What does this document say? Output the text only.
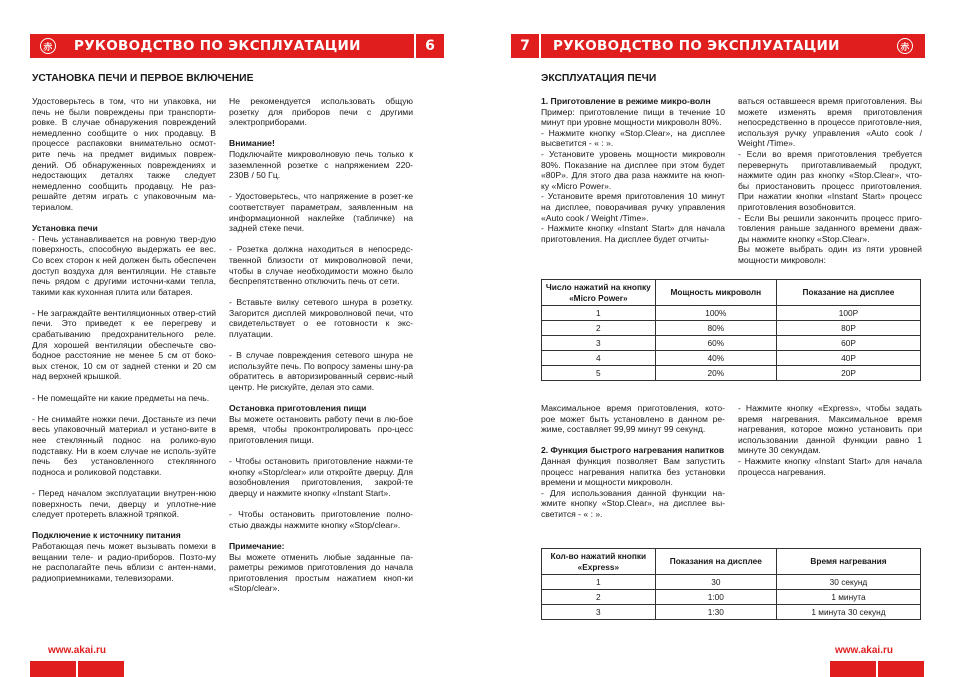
赤 РУКОВОДСТВО ПО ЭКСПЛУАТАЦИИ	6	7	РУКОВОДСТВО ПО ЭКСПЛУАТАЦИИ	赤
УСТАНОВКА ПЕЧИ И ПЕРВОЕ ВКЛЮЧЕНИЕ

Удостоверьтесь в том, что ни упаковка, ни печь не были повреждены при транспорти-ровке. В случае обнаружения повреждений немедленно сообщите о них продавцу. В процессе распаковки внимательно осмот-рите печь на предмет видимых повреж-дений. Об обнаруженных повреждениях и недостающих деталях также следует немедленно сообщить продавцу. Не раз-решайте детям играть с упаковочным ма-териалом.

Установка печи

- Печь устанавливается на ровную твер-дую поверхность, способную выдержать ее вес. Со всех сторон к ней должен быть обеспечен доступ воздуха для вентиляции. Не ставьте печь рядом с другими источни-ками тепла, такими как кухонная плита или батарея.

- Не заграждайте вентиляционных отвер-стий печи. Это приведет к ее перегреву и срабатыванию предохранительного реле. Для хорошей вентиляции обеспечьте сво-бодное расстояние не менее 5 см от боко-вых стенок, 10 см от задней стенки и 20 см над верхней крышкой.

- Не помещайте ни какие предметы на печь.

- Не снимайте ножки печи. Достаньте из печи весь упаковочный материал и устано-вите в нее стеклянный поднос на ролико-вую подставку. Ни в коем случае не исполь-зуйте печь без установленного стеклянного подноса и роликовой подставки.

- Перед началом эксплуатации внутрен-нюю поверхность печи, дверцу и уплотне-ние следует протереть влажной тряпкой.

Подключение к источнику питания

Работающая печь может вызывать помехи в вещании теле- и радио-приборов. Позто-му не располагайте печь вблизи с антен-нами, радиоприемниками, телевизорами.

Не рекомендуется использовать общую розетку для приборов печи с другими электроприборами.

Внимание!

Подключайте микроволновую печь только к заземленной розетке с напряжением 220-230В / 50 Гц.

- Удостоверьтесь, что напряжение в розет-ке соответствует параметрам, заявленным на информационной наклейке (табличке) на задней стеке печи.

- Розетка должна находиться в непосредс-твенной близости от микроволновой печи, чтобы в случае необходимости можно было беспрепятственно отключить печь от сети.

- Вставьте вилку сетевого шнура в розетку. Загорится дисплей микроволновой печи, что свидетельствует о ее готовности к экс-плуатации.

- В случае повреждения сетевого шнура не используйте печь. По вопросу замены шну-ра обратитесь в авторизированный сервис-ный центр. Не рискуйте, делая это сами.

Остановка приготовления пищи

Вы можете остановить работу печи в лю-бое время, чтобы проконтролировать про-цесс приготовления пищи.

- Чтобы остановить приготовление нажми-те кнопку «Stop/clear» или откройте дверцу. Для возобновления приготовления, закрой-те дверцу и нажмите кнопку «Instant Start».

- Чтобы остановить приготовление полно-стью дважды нажмите кнопку «Stop/clear».

Примечание:

Вы можете отменить любые заданные па-раметры режимов приготовления до начала приготовления простым нажатием кноп-ки «Stop/clear».

ЭКСПЛУАТАЦИЯ ПЕЧИ

1. Приготовление в режиме микро-волн

Пример: приготовление пищи в течение 10 минут при уровне мощности микроволн 80%.

- Нажмите кнопку «Stop.Clear», на дисплее высветится - « : ».

- Установите уровень мощности микроволн 80%. Показание на дисплее при этом будет «80P». Для этого два раза нажмите на кноп-ку «Micro Power».

- Установите время приготовления 10 минут на дисплее, поворачивая ручку управления «Auto cook / Weight /Time».

- Нажмите кнопку «Instant Start» для начала приготовления. На дисплее будет отчиты-

ваться оставшееся время приготовления. Вы можете изменять время приготовления непосредственно в процессе приготовле-ния, используя ручку управления «Auto cook / Weight /Time».

- Если во время приготовления требуется перевернуть приготавливаемый продукт, нажмите один раз кнопку «Stop.Clear», что-бы приостановить процесс приготовления. При нажатии кнопки «Instant Start» процесс приготовления возобновится.

- Если Вы решили закончить процесс приго-товления раньше заданного времени дваж-ды нажмите кнопку «Stop.Clear».

Вы можете выбрать один из пяти уровней мощности микроволн:

Число нажатий на кнопку «Micro Power»	Мощность микроволн	Показание на дисплее
1	100%	100P
2	80%	80P
3	60%	60P
4	40%	40P
5	20%	20P

Максимальное время приготовления, кото-рое может быть установлено в данном ре-жиме, составляет 99,99 минут 99 секунд.

2. Функция быстрого нагревания напитков

Данная функция позволяет Вам запустить процесс нагревания напитка без установки времени и мощности микроволн.

- Для использования данной функции на-жмите кнопку «Stop.Clear», на дисплее вы-светится - « : ».

- Нажмите кнопку «Express», чтобы задать время нагревания. Максимальное время нагревания, которое можно установить при использовании данной функции равно 1 минуте 30 секундам.

- Нажмите кнопку «Instant Start» для начала процесса нагревания.

Кол-во нажатий кнопки «Express»	Показания на дисплее	Время нагревания
1	30	30 секунд
2	1:00	1 минута
3	1:30	1 минута 30 секунд
www.akai.ru	www.akai.ru
